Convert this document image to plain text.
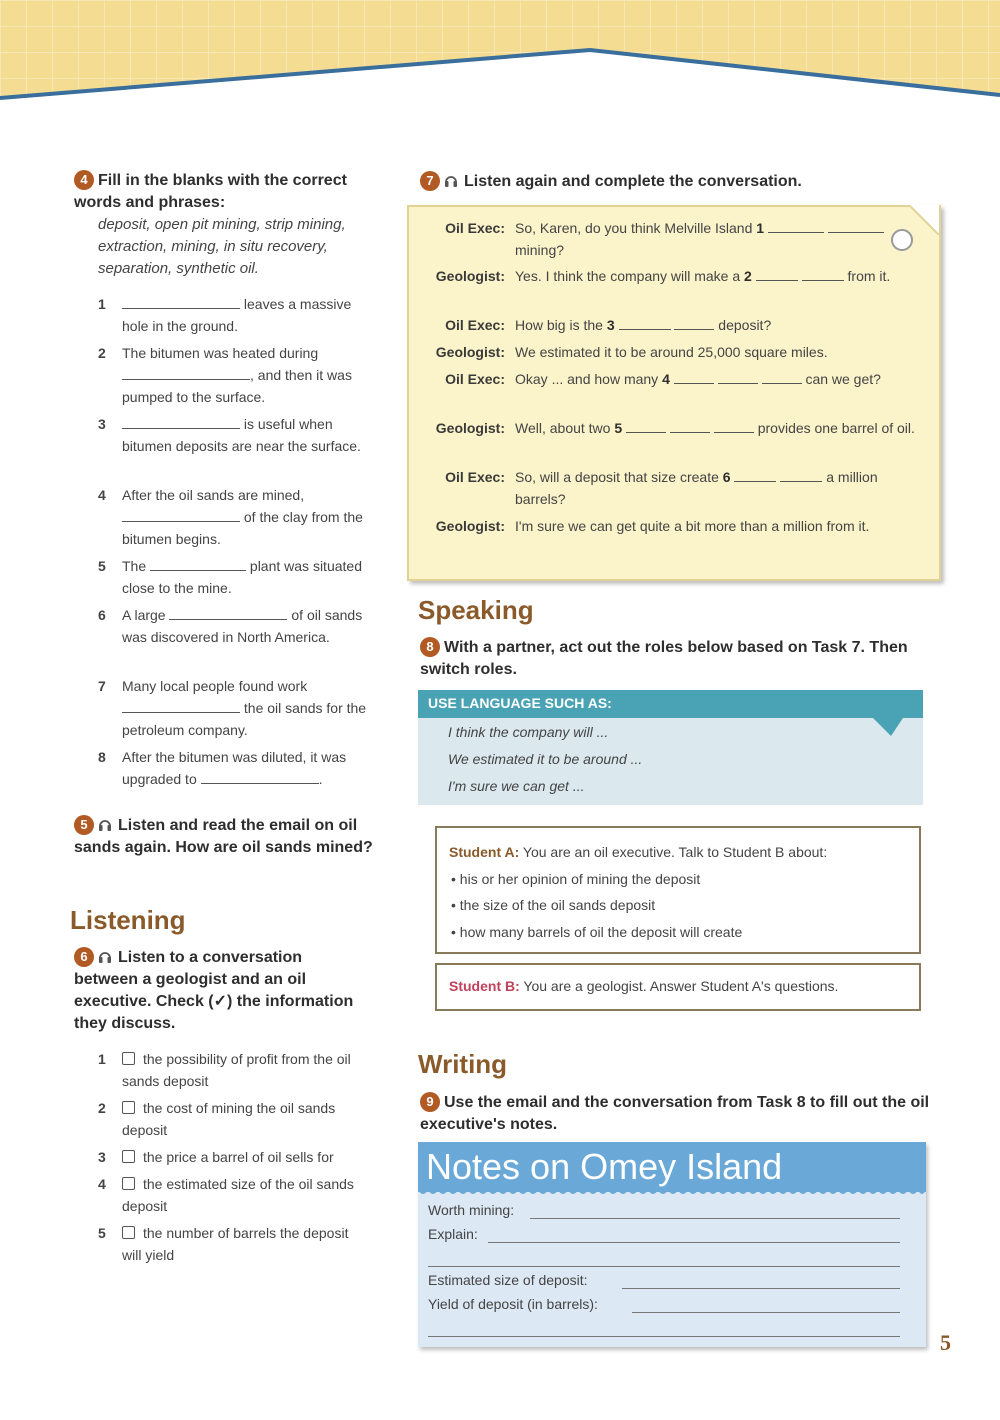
4 Fill in the blanks with the correct words and phrases:
deposit, open pit mining, strip mining, extraction, mining, in situ recovery, separation, synthetic oil.
1	leaves a massive hole in the ground.
2	The bitumen was heated during , and then it was pumped to the surface.
3	is useful when bitumen deposits are near the surface.
4	After the oil sands are mined,  of the clay from the bitumen begins.
5	The	plant was situated close to the mine.
6	A large	of oil sands was discovered in North America.
7	Many local people found work  the oil sands for the petroleum company.
8	After the bitumen was diluted, it was upgraded to	.
5 Listen and read the email on oil sands again. How are oil sands mined?
Listening
6 Listen to a conversation between a geologist and an oil executive. Check (✓) the information they discuss.
1	the possibility of profit from the oil sands deposit
2	the cost of mining the oil sands deposit
3	the price a barrel of oil sells for
4	the estimated size of the oil sands deposit
5	the number of barrels the deposit will yield
7 Listen again and complete the conversation.
Oil Exec: So, Karen, do you think Melville Island 1   mining?
Geologist: Yes. I think the company will make a 2	from it.
Oil Exec: How big is the 3	deposit?
Geologist: We estimated it to be around 25,000 square miles.
Oil Exec: Okay ... and how many 4	can we get?
Geologist: Well, about two 5	provides one barrel of oil.
Oil Exec: So, will a deposit that size create 6	a million barrels?
Geologist: I'm sure we can get quite a bit more than a million from it.
Speaking
8 With a partner, act out the roles below based on Task 7. Then switch roles.
USE LANGUAGE SUCH AS:
I think the company will ...
We estimated it to be around ...
I'm sure we can get ...
Student A: You are an oil executive. Talk to Student B about:
• his or her opinion of mining the deposit
• the size of the oil sands deposit
• how many barrels of oil the deposit will create
Student B: You are a geologist. Answer Student A's questions.
Writing
9 Use the email and the conversation from Task 8 to fill out the oil executive's notes.
Notes on Omey Island
Worth mining:
Explain:
Estimated size of deposit:
Yield of deposit (in barrels):
5
